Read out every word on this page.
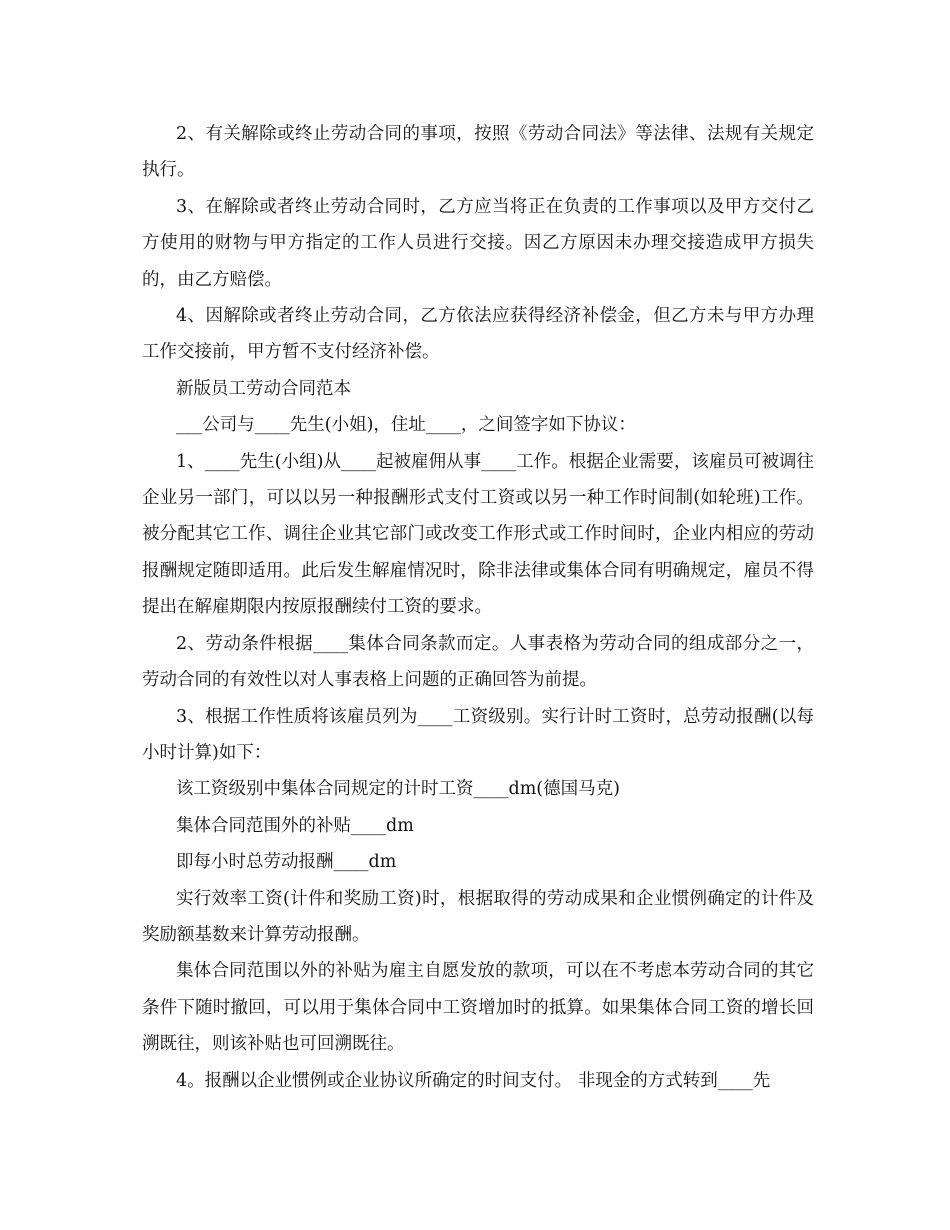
2、有关解除或终止劳动合同的事项，按照《劳动合同法》等法律、法规有关规定执行。

3、在解除或者终止劳动合同时，乙方应当将正在负责的工作事项以及甲方交付乙方使用的财物与甲方指定的工作人员进行交接。因乙方原因未办理交接造成甲方损失的，由乙方赔偿。

4、因解除或者终止劳动合同，乙方依法应获得经济补偿金，但乙方未与甲方办理工作交接前，甲方暂不支付经济补偿。

新版员工劳动合同范本

___公司与____先生(小姐)，住址____，之间签字如下协议：

1、____先生(小组)从____起被雇佣从事____工作。根据企业需要，该雇员可被调往企业另一部门，可以以另一种报酬形式支付工资或以另一种工作时间制(如轮班)工作。被分配其它工作、调往企业其它部门或改变工作形式或工作时间时，企业内相应的劳动报酬规定随即适用。此后发生解雇情况时，除非法律或集体合同有明确规定，雇员不得提出在解雇期限内按原报酬续付工资的要求。

2、劳动条件根据____集体合同条款而定。人事表格为劳动合同的组成部分之一，劳动合同的有效性以对人事表格上问题的正确回答为前提。

3、根据工作性质将该雇员列为____工资级别。实行计时工资时，总劳动报酬(以每小时计算)如下：

该工资级别中集体合同规定的计时工资____dm(德国马克)

集体合同范围外的补贴____dm

即每小时总劳动报酬____dm

实行效率工资(计件和奖励工资)时，根据取得的劳动成果和企业惯例确定的计件及奖励额基数来计算劳动报酬。

集体合同范围以外的补贴为雇主自愿发放的款项，可以在不考虑本劳动合同的其它条件下随时撤回，可以用于集体合同中工资增加时的抵算。如果集体合同工资的增长回溯既往，则该补贴也可回溯既往。

4。报酬以企业惯例或企业协议所确定的时间支付。 非现金的方式转到____先
